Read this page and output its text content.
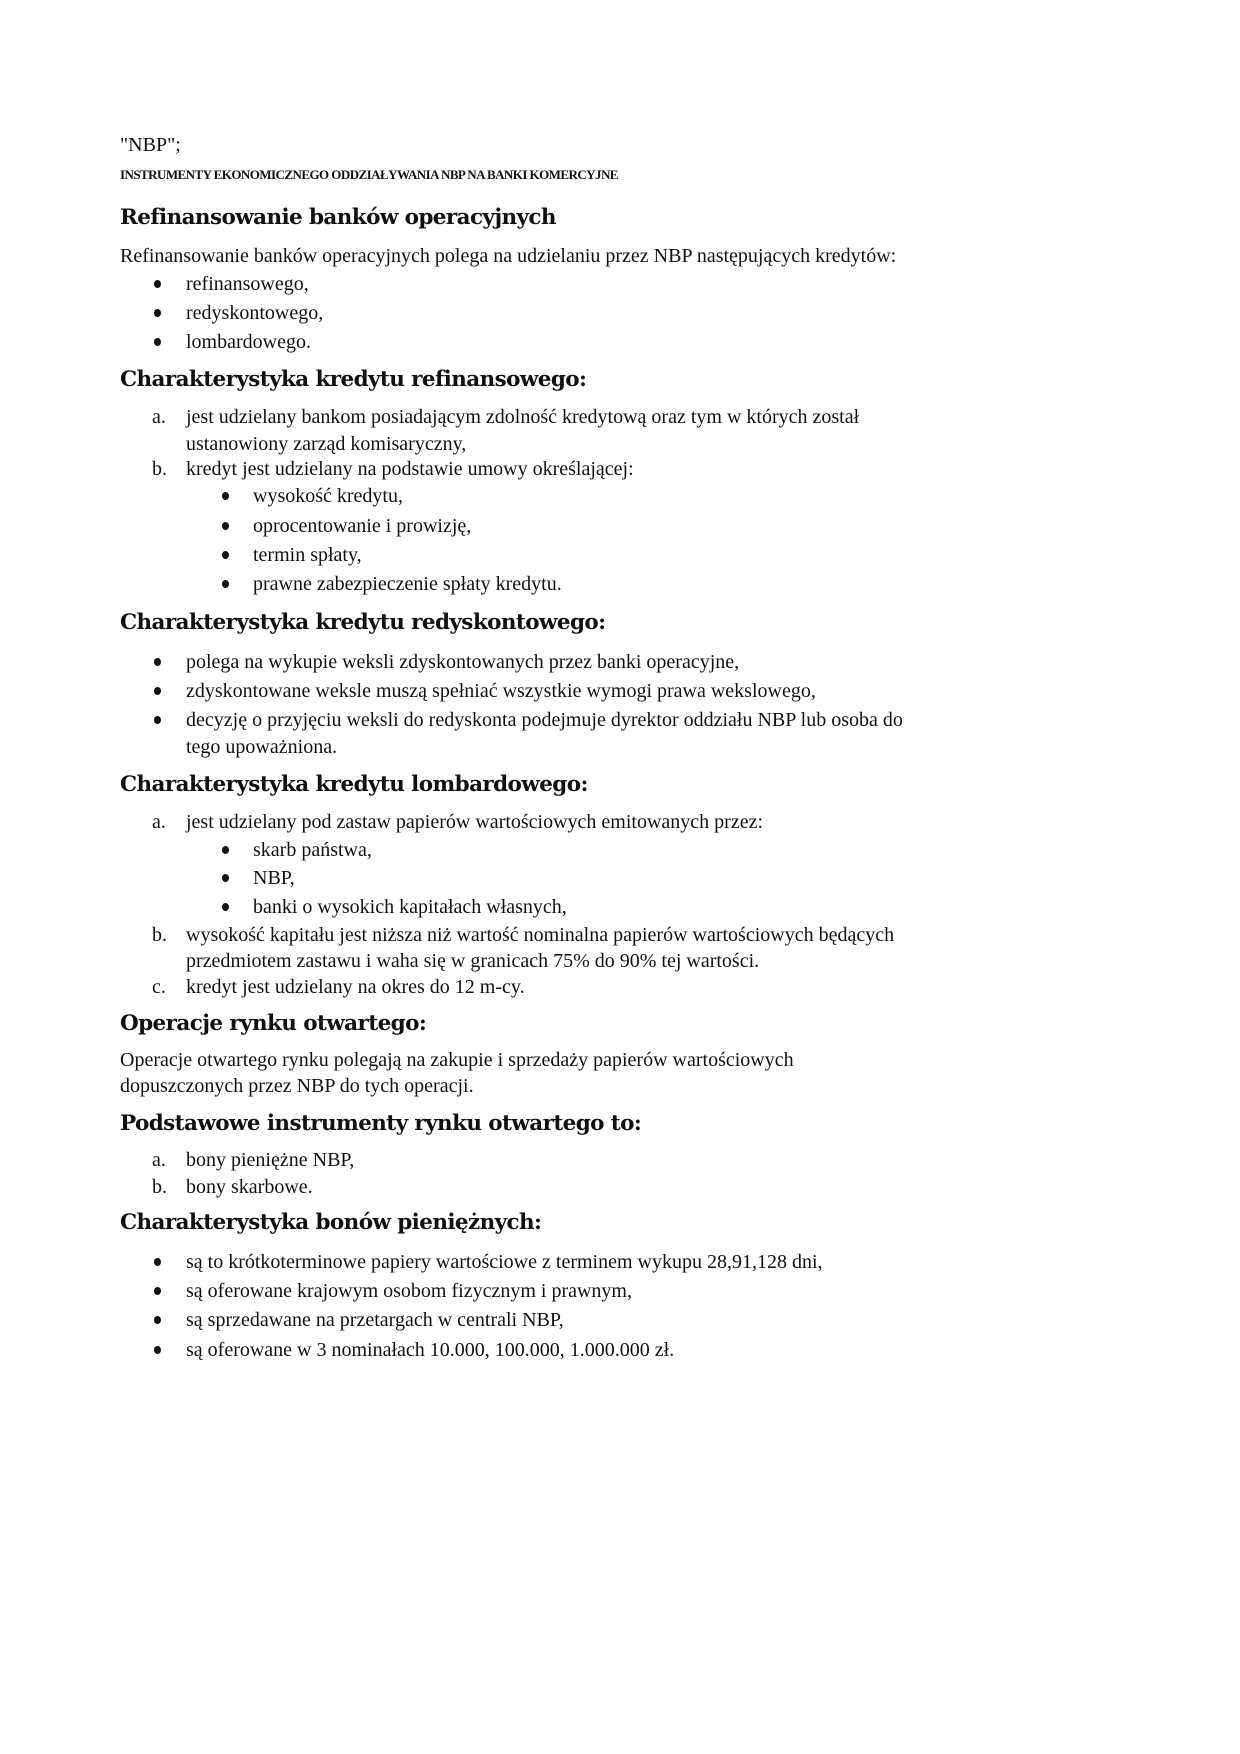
"NBP";
INSTRUMENTY EKONOMICZNEGO ODDZIAŁYWANIA NBP NA BANKI KOMERCYJNE
Refinansowanie banków operacyjnych
Refinansowanie banków operacyjnych polega na udzielaniu przez NBP następujących kredytów:
refinansowego,
redyskontowego,
lombardowego.
Charakterystyka kredytu refinansowego:
a. jest udzielany bankom posiadającym zdolność kredytową oraz tym w których został
ustanowiony zarząd komisaryczny,
b. kredyt jest udzielany na podstawie umowy określającej:
wysokość kredytu,
oprocentowanie i prowizję,
termin spłaty,
prawne zabezpieczenie spłaty kredytu.
Charakterystyka kredytu redyskontowego:
polega na wykupie weksli zdyskontowanych przez banki operacyjne,
zdyskontowane weksle muszą spełniać wszystkie wymogi prawa wekslowego,
decyzję o przyjęciu weksli do redyskonta podejmuje dyrektor oddziału NBP lub osoba do
tego upoważniona.
Charakterystyka kredytu lombardowego:
a. jest udzielany pod zastaw papierów wartościowych emitowanych przez:
skarb państwa,
NBP,
banki o wysokich kapitałach własnych,
b. wysokość kapitału jest niższa niż wartość nominalna papierów wartościowych będących
przedmiotem zastawu i waha się w granicach 75% do 90% tej wartości.
c. kredyt jest udzielany na okres do 12 m-cy.
Operacje rynku otwartego:
Operacje otwartego rynku polegają na zakupie i sprzedaży papierów wartościowych
dopuszczonych przez NBP do tych operacji.
Podstawowe instrumenty rynku otwartego to:
a. bony pieniężne NBP,
b. bony skarbowe.
Charakterystyka bonów pieniężnych:
są to krótkoterminowe papiery wartościowe z terminem wykupu 28,91,128 dni,
są oferowane krajowym osobom fizycznym i prawnym,
są sprzedawane na przetargach w centrali NBP,
są oferowane w 3 nominałach 10.000, 100.000, 1.000.000 zł.
